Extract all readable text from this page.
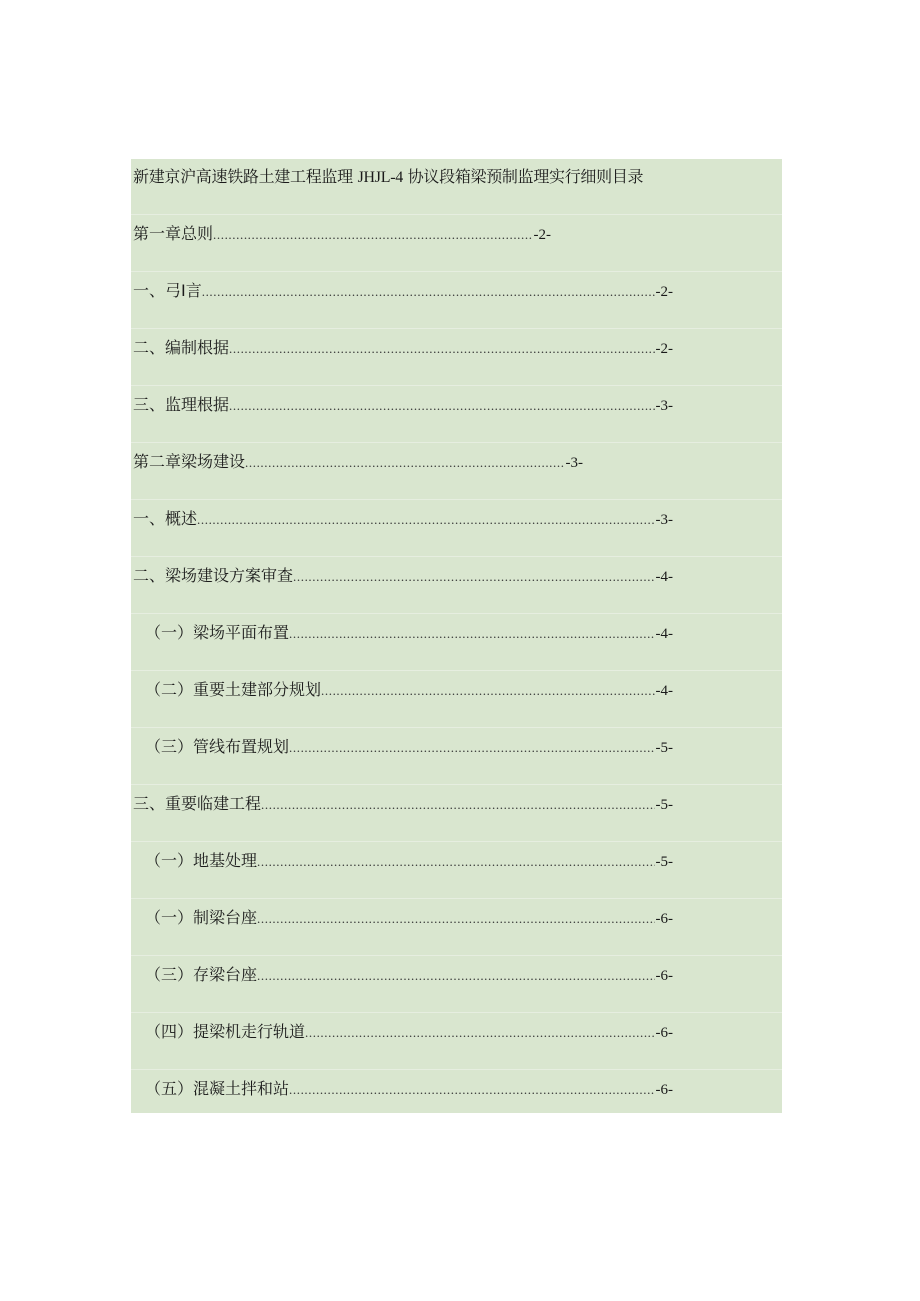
新建京沪高速铁路土建工程监理 JHJL-4 协议段箱梁预制监理实行细则目录
第一章总则 .....	-2-
一、弓I言 .....	-2-
二、编制根据 .....	-2-
三、监理根据 .....	-3-
第二章梁场建设 .....	-3-
一、概述 .....	-3-
二、梁场建设方案审查 .....	-4-
（一）梁场平面布置 .....	-4-
（二）重要土建部分规划 .....	-4-
（三）管线布置规划 .....	-5-
三、重要临建工程 .....	-5-
（一）地基处理 .....	-5-
（一）制梁台座 .....	-6-
（三）存梁台座 .....	-6-
（四）提梁机走行轨道 .....	-6-
（五）混凝土拌和站 .....	-6-
